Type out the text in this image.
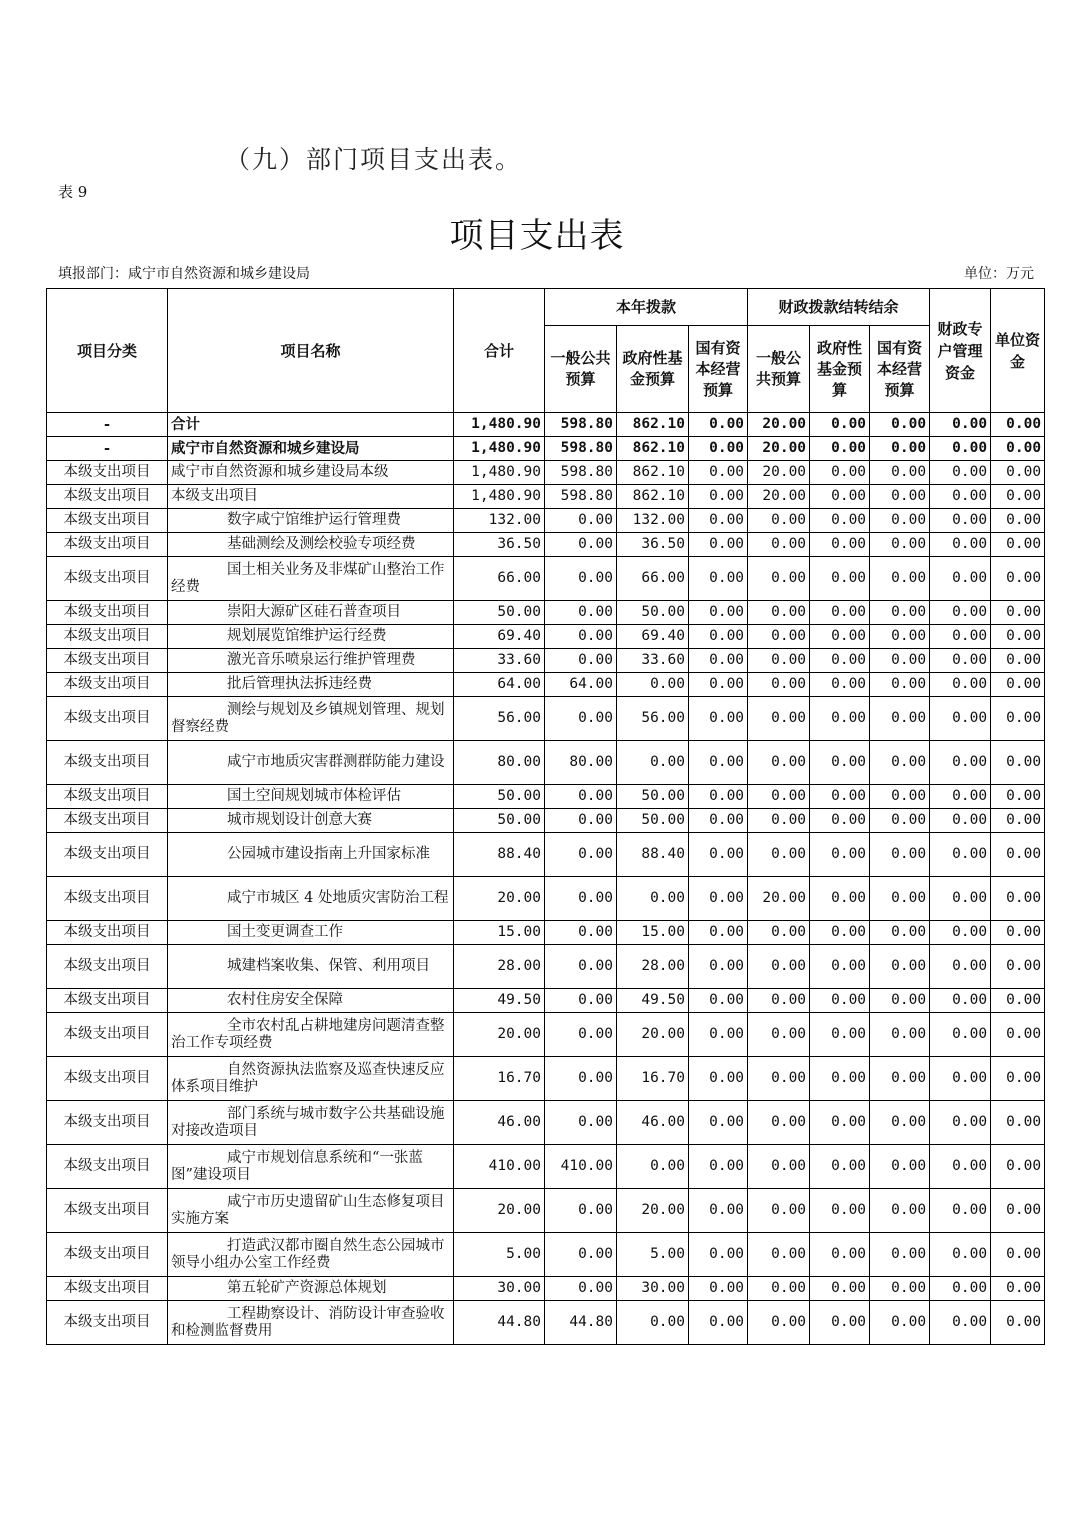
（九）部门项目支出表。
表 9
项目支出表
填报部门：咸宁市自然资源和城乡建设局	单位：万元
项目分类	项目名称	合计	本年拨款			财政拨款结转结余			财政专户管理资金	单位资金
			一般公共预算	政府性基金预算	国有资本经营预算	一般公共预算	政府性基金预算	国有资本经营预算		
-	合计	1,480.90	598.80	862.10	0.00	20.00	0.00	0.00	0.00	0.00
-	咸宁市自然资源和城乡建设局	1,480.90	598.80	862.10	0.00	20.00	0.00	0.00	0.00	0.00
本级支出项目	咸宁市自然资源和城乡建设局本级	1,480.90	598.80	862.10	0.00	20.00	0.00	0.00	0.00	0.00
本级支出项目	本级支出项目	1,480.90	598.80	862.10	0.00	20.00	0.00	0.00	0.00	0.00
本级支出项目	数字咸宁馆维护运行管理费	132.00	0.00	132.00	0.00	0.00	0.00	0.00	0.00	0.00
本级支出项目	基础测绘及测绘校验专项经费	36.50	0.00	36.50	0.00	0.00	0.00	0.00	0.00	0.00
本级支出项目	国土相关业务及非煤矿山整治工作经费	66.00	0.00	66.00	0.00	0.00	0.00	0.00	0.00	0.00
本级支出项目	崇阳大源矿区硅石普查项目	50.00	0.00	50.00	0.00	0.00	0.00	0.00	0.00	0.00
本级支出项目	规划展览馆维护运行经费	69.40	0.00	69.40	0.00	0.00	0.00	0.00	0.00	0.00
本级支出项目	激光音乐喷泉运行维护管理费	33.60	0.00	33.60	0.00	0.00	0.00	0.00	0.00	0.00
本级支出项目	批后管理执法拆违经费	64.00	64.00	0.00	0.00	0.00	0.00	0.00	0.00	0.00
本级支出项目	测绘与规划及乡镇规划管理、规划督察经费	56.00	0.00	56.00	0.00	0.00	0.00	0.00	0.00	0.00
本级支出项目	咸宁市地质灾害群测群防能力建设	80.00	80.00	0.00	0.00	0.00	0.00	0.00	0.00	0.00
本级支出项目	国土空间规划城市体检评估	50.00	0.00	50.00	0.00	0.00	0.00	0.00	0.00	0.00
本级支出项目	城市规划设计创意大赛	50.00	0.00	50.00	0.00	0.00	0.00	0.00	0.00	0.00
本级支出项目	公园城市建设指南上升国家标准	88.40	0.00	88.40	0.00	0.00	0.00	0.00	0.00	0.00
本级支出项目	咸宁市城区 4 处地质灾害防治工程	20.00	0.00	0.00	0.00	20.00	0.00	0.00	0.00	0.00
本级支出项目	国土变更调查工作	15.00	0.00	15.00	0.00	0.00	0.00	0.00	0.00	0.00
本级支出项目	城建档案收集、保管、利用项目	28.00	0.00	28.00	0.00	0.00	0.00	0.00	0.00	0.00
本级支出项目	农村住房安全保障	49.50	0.00	49.50	0.00	0.00	0.00	0.00	0.00	0.00
本级支出项目	全市农村乱占耕地建房问题清查整治工作专项经费	20.00	0.00	20.00	0.00	0.00	0.00	0.00	0.00	0.00
本级支出项目	自然资源执法监察及巡查快速反应体系项目维护	16.70	0.00	16.70	0.00	0.00	0.00	0.00	0.00	0.00
本级支出项目	部门系统与城市数字公共基础设施对接改造项目	46.00	0.00	46.00	0.00	0.00	0.00	0.00	0.00	0.00
本级支出项目	咸宁市规划信息系统和“一张蓝图”建设项目	410.00	410.00	0.00	0.00	0.00	0.00	0.00	0.00	0.00
本级支出项目	咸宁市历史遗留矿山生态修复项目实施方案	20.00	0.00	20.00	0.00	0.00	0.00	0.00	0.00	0.00
本级支出项目	打造武汉都市圈自然生态公园城市领导小组办公室工作经费	5.00	0.00	5.00	0.00	0.00	0.00	0.00	0.00	0.00
本级支出项目	第五轮矿产资源总体规划	30.00	0.00	30.00	0.00	0.00	0.00	0.00	0.00	0.00
本级支出项目	工程勘察设计、消防设计审查验收和检测监督费用	44.80	44.80	0.00	0.00	0.00	0.00	0.00	0.00	0.00
